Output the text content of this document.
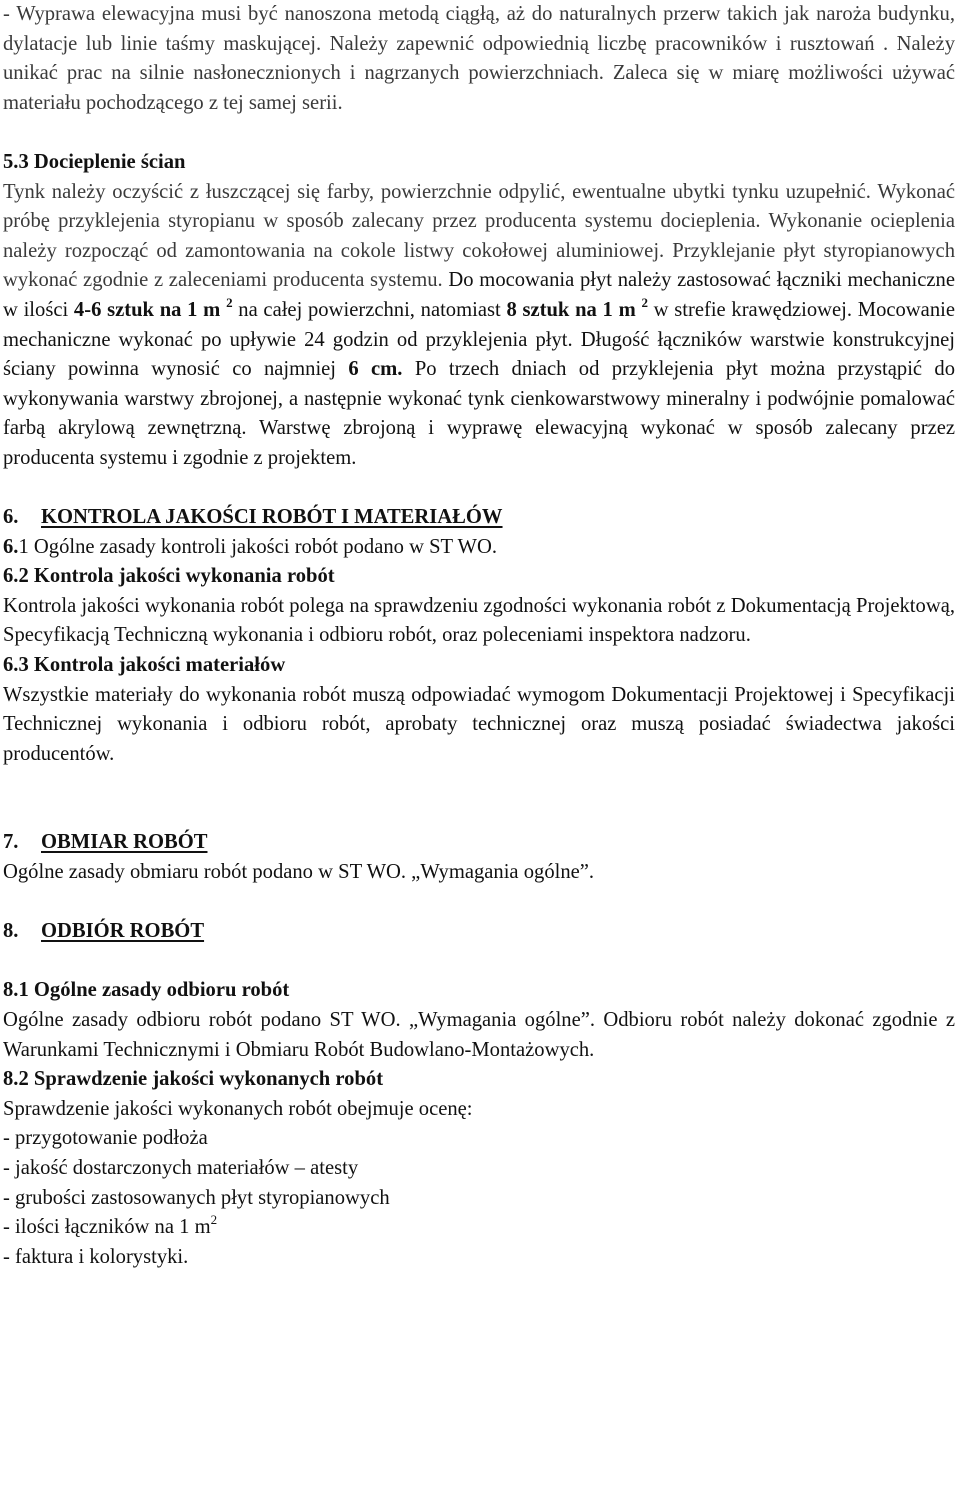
- Wyprawa elewacyjna musi być nanoszona metodą ciągłą, aż do naturalnych przerw takich jak naroża budynku, dylatacje lub linie taśmy maskującej. Należy zapewnić odpowiednią liczbę pracowników i rusztowań . Należy unikać prac na silnie nasłonecznionych i nagrzanych powierzchniach. Zaleca się w miarę możliwości używać materiału pochodzącego z tej samej serii.

5.3 Docieplenie ścian

Tynk należy oczyścić z łuszczącej się farby, powierzchnie odpylić, ewentualne ubytki tynku uzupełnić. Wykonać próbę przyklejenia styropianu w sposób zalecany przez producenta systemu docieplenia. Wykonanie ocieplenia należy rozpocząć od zamontowania na cokole listwy cokołowej aluminiowej. Przyklejanie płyt styropianowych wykonać zgodnie z zaleceniami producenta systemu. Do mocowania płyt należy zastosować łączniki mechaniczne w ilości 4-6 sztuk na 1 m $^2$ na całej powierzchni, natomiast 8 sztuk na 1 m $^2$ w strefie krawędziowej. Mocowanie mechaniczne wykonać po upływie 24 godzin od przyklejenia płyt. Długość łączników warstwie konstrukcyjnej ściany powinna wynosić co najmniej 6 cm. Po trzech dniach od przyklejenia płyt można przystąpić do wykonywania warstwy zbrojonej, a następnie wykonać tynk cienkowarstwowy mineralny i podwójnie pomalować farbą akrylową zewnętrzną. Warstwę zbrojoną i wyprawę elewacyjną wykonać w sposób zalecany przez producenta systemu i zgodnie z projektem.

6. KONTROLA JAKOŚCI ROBÓT I MATERIAŁÓW

6.1 Ogólne zasady kontroli jakości robót podano w ST WO.

6.2 Kontrola jakości wykonania robót

Kontrola jakości wykonania robót polega na sprawdzeniu zgodności wykonania robót z Dokumentacją Projektową, Specyfikacją Techniczną wykonania i odbioru robót, oraz poleceniami inspektora nadzoru.

6.3 Kontrola jakości materiałów

Wszystkie materiały do wykonania robót muszą odpowiadać wymogom Dokumentacji Projektowej i Specyfikacji Technicznej wykonania i odbioru robót, aprobaty technicznej oraz muszą posiadać świadectwa jakości producentów.

7. OBMIAR ROBÓT

Ogólne zasady obmiaru robót podano w ST WO. „Wymagania ogólne”.

8. ODBIÓR ROBÓT

8.1 Ogólne zasady odbioru robót

Ogólne zasady odbioru robót podano ST WO. „Wymagania ogólne”. Odbioru robót należy dokonać zgodnie z Warunkami Technicznymi i Obmiaru Robót Budowlano-Montażowych.

8.2 Sprawdzenie jakości wykonanych robót

Sprawdzenie jakości wykonanych robót obejmuje ocenę:

- przygotowanie podłoża
- jakość dostarczonych materiałów – atesty
- grubości zastosowanych płyt styropianowych
- ilości łączników na 1 $m^2$
- faktura i kolorystyki.
